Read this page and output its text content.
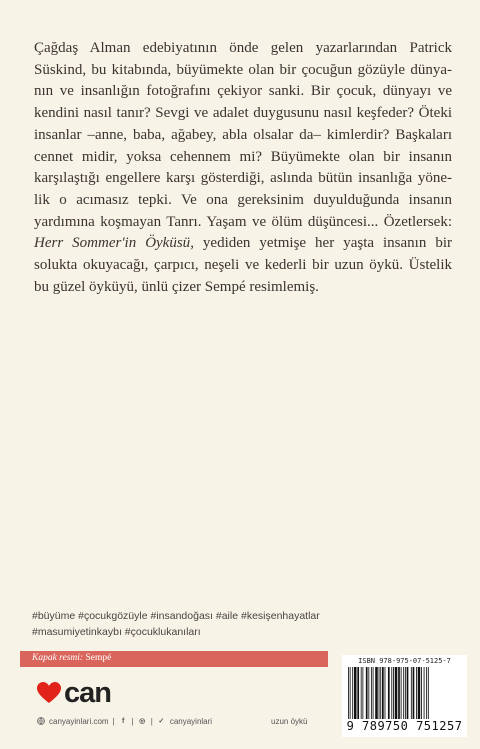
Çağdaş Alman edebiyatının önde gelen yazarlarından Patrick
Süskind, bu kitabında, büyümekte olan bir çocuğun gözüyle dünya-
nın ve insanlığın fotoğrafını çekiyor sanki. Bir çocuk, dünyayı ve
kendini nasıl tanır? Sevgi ve adalet duygusunu nasıl keşfeder? Öteki
insanlar –anne, baba, ağabey, abla olsalar da– kimlerdir? Başkaları
cennet midir, yoksa cehennem mi? Büyümekte olan bir insanın
karşılaştığı engellere karşı gösterdiği, aslında bütün insanlığa yöne-
lik o acımasız tepki. Ve ona gereksinim duyulduğunda insanın
yardımına koşmayan Tanrı. Yaşam ve ölüm düşüncesi... Özetlersek:
Herr Sommer'in Öyküsü, yediden yetmişe her yaşta insanın bir
solukta okuyacağı, çarpıcı, neşeli ve kederli bir uzun öykü. Üstelik
bu güzel öyküyü, ünlü çizer Sempé resimlemiş.
#büyüme #çocukgözüyle #insandoğası #aile #kesişenhayatlar
#masumiyetinkaybı #çocuklukanıları
Kapak resmi: Sempé
can
canyayinlari.com |	f | ◎ | ✓ canyayinlari	uzun öykü
ISBN 978-975-07-5125-7
9 789750 751257
